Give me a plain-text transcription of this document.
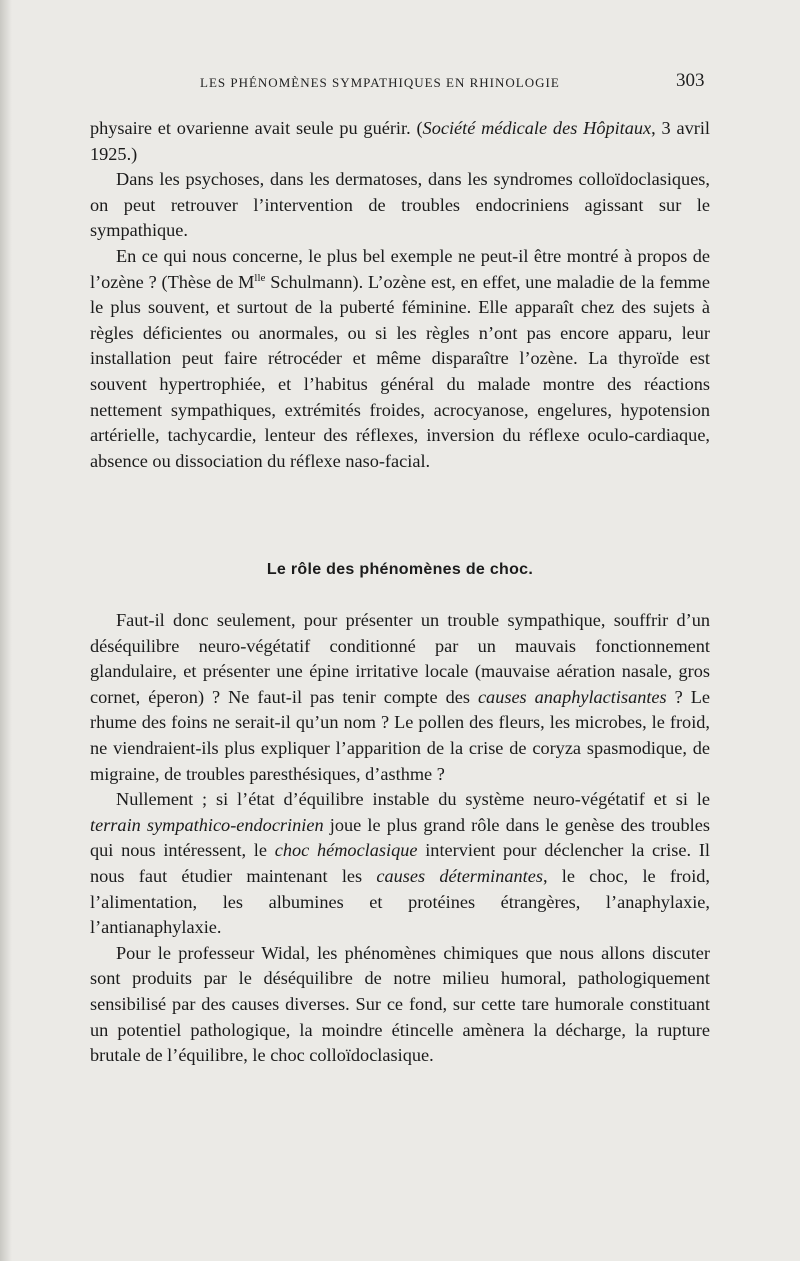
LES PHÉNOMÈNES SYMPATHIQUES EN RHINOLOGIE	303

physaire et ovarienne avait seule pu guérir. (Société médicale des Hôpitaux, 3 avril 1925.)

Dans les psychoses, dans les dermatoses, dans les syndromes colloïdoclasiques, on peut retrouver l’intervention de troubles endocriniens agissant sur le sympathique.

En ce qui nous concerne, le plus bel exemple ne peut-il être montré à propos de l’ozène ? (Thèse de $M^{lle}$ Schulmann). L’ozène est, en effet, une maladie de la femme le plus souvent, et surtout de la puberté féminine. Elle apparaît chez des sujets à règles déficientes ou anormales, ou si les règles n’ont pas encore apparu, leur installation peut faire rétrocéder et même disparaître l’ozène. La thyroïde est souvent hypertrophiée, et l’habitus général du malade montre des réactions nettement sympathiques, extrémités froides, acrocyanose, engelures, hypotension artérielle, tachycardie, lenteur des réflexes, inversion du réflexe oculo-cardiaque, absence ou dissociation du réflexe naso-facial.

Le rôle des phénomènes de choc.

Faut-il donc seulement, pour présenter un trouble sympathique, souffrir d’un déséquilibre neuro-végétatif conditionné par un mauvais fonctionnement glandulaire, et présenter une épine irritative locale (mauvaise aération nasale, gros cornet, éperon) ? Ne faut-il pas tenir compte des causes anaphylactisantes ? Le rhume des foins ne serait-il qu’un nom ? Le pollen des fleurs, les microbes, le froid, ne viendraient-ils plus expliquer l’apparition de la crise de coryza spasmodique, de migraine, de troubles paresthésiques, d’asthme ?

Nullement ; si l’état d’équilibre instable du système neuro-végétatif et si le terrain sympathico-endocrinien joue le plus grand rôle dans le genèse des troubles qui nous intéressent, le choc hémoclasique intervient pour déclencher la crise. Il nous faut étudier maintenant les causes déterminantes, le choc, le froid, l’alimentation, les albumines et protéines étrangères, l’anaphylaxie, l’antianaphylaxie.

Pour le professeur Widal, les phénomènes chimiques que nous allons discuter sont produits par le déséquilibre de notre milieu humoral, pathologiquement sensibilisé par des causes diverses. Sur ce fond, sur cette tare humorale constituant un potentiel pathologique, la moindre étincelle amènera la décharge, la rupture brutale de l’équilibre, le choc colloïdoclasique.
